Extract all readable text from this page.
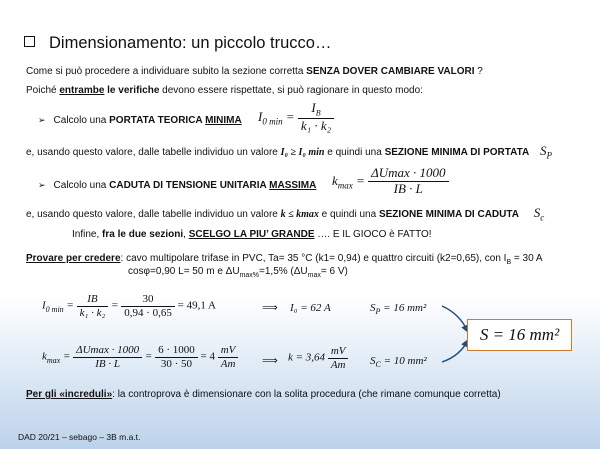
Dimensionamento: un piccolo trucco…
Come si può procedere a individuare subito la sezione corretta SENZA DOVER CAMBIARE VALORI ?
Poiché entrambe le verifiche devono essere rispettate, si può ragionare in questo modo:
➢ Calcolo una PORTATA TEORICA MINIMA $I_{0 min} = \frac{I_B}{\text{k₁ · k₂}}$
e, usando questo valore, dalle tabelle individuo un valore I₀ ≥ I₀ min e quindi una SEZIONE MINIMA DI PORTATA $S_P$
➢ Calcolo una CADUTA DI TENSIONE UNITARIA MASSIMA $k_{max} = \frac{\Delta Umax \cdot 1000}{IB \cdot L}$
e, usando questo valore, dalle tabelle individuo un valore k ≤ kmax e quindi una SEZIONE MINIMA DI CADUTA $S_c$
Infine, fra le due sezioni, SCELGO LA PIU’ GRANDE …. E IL GIOCO è FATTO!
Provare per credere: cavo multipolare trifase in PVC, Ta= 35 °C (k1= 0,94) e quattro circuiti (k2=0,65), con $I_B = 30$ A
cosφ=0,90 L= 50 m e $\Delta U_{max\%}=1,5\%$ ($\Delta U_{max}= 6$ V)
$I_{0 min} = \frac{IB}{\text{k₁ · k₂}} = \frac{30}{0,94 \cdot 0,65} = 49,1$ A	⟹ I₀ = 62 A	$S_P = 16$ mm²
$k_{max} = \frac{\Delta Umax \cdot 1000}{IB \cdot L} = \frac{6 \cdot 1000}{30 \cdot 50} = 4 \frac{mV}{Am}$ ⟹ $k = 3,64 \frac{mV}{Am} S_C = 10$ mm²
S = 16 mm²
Per gli «increduli»: la controprova è dimensionare con la solita procedura (che rimane comunque corretta)
DAD 20/21 – sebago – 3B m.a.t.
